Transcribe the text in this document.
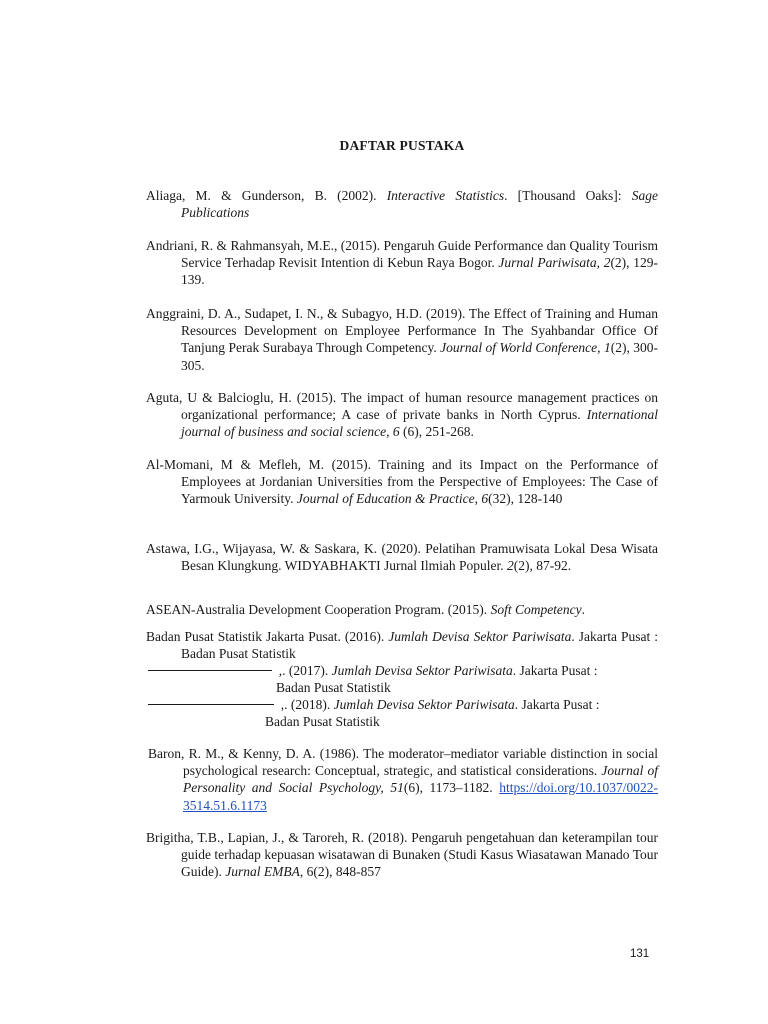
DAFTAR PUSTAKA
Aliaga, M. & Gunderson, B. (2002). Interactive Statistics. [Thousand Oaks]: Sage Publications
Andriani, R. & Rahmansyah, M.E., (2015). Pengaruh Guide Performance dan Quality Tourism Service Terhadap Revisit Intention di Kebun Raya Bogor. Jurnal Pariwisata, 2(2), 129-139.
Anggraini, D. A., Sudapet, I. N., & Subagyo, H.D. (2019). The Effect of Training and Human Resources Development on Employee Performance In The Syahbandar Office Of Tanjung Perak Surabaya Through Competency. Journal of World Conference, 1(2), 300-305.
Aguta, U & Balcioglu, H. (2015). The impact of human resource management practices on organizational performance; A case of private banks in North Cyprus. International journal of business and social science, 6 (6), 251-268.
Al-Momani, M & Mefleh, M. (2015). Training and its Impact on the Performance of Employees at Jordanian Universities from the Perspective of Employees: The Case of Yarmouk University. Journal of Education & Practice, 6(32), 128-140
Astawa, I.G., Wijayasa, W. & Saskara, K. (2020). Pelatihan Pramuwisata Lokal Desa Wisata Besan Klungkung. WIDYABHAKTI Jurnal Ilmiah Populer. 2(2), 87-92.
ASEAN-Australia Development Cooperation Program. (2015). Soft Competency.
Badan Pusat Statistik Jakarta Pusat. (2016). Jumlah Devisa Sektor Pariwisata. Jakarta Pusat : Badan Pusat Statistik
,. (2017). Jumlah Devisa Sektor Pariwisata. Jakarta Pusat :
Badan Pusat Statistik
,. (2018). Jumlah Devisa Sektor Pariwisata. Jakarta Pusat :
Badan Pusat Statistik
Baron, R. M., & Kenny, D. A. (1986). The moderator–mediator variable distinction in social psychological research: Conceptual, strategic, and statistical considerations. Journal of Personality and Social Psychology, 51(6), 1173–1182. https://doi.org/10.1037/0022-3514.51.6.1173
Brigitha, T.B., Lapian, J., & Taroreh, R. (2018). Pengaruh pengetahuan dan keterampilan tour guide terhadap kepuasan wisatawan di Bunaken (Studi Kasus Wiasatawan Manado Tour Guide). Jurnal EMBA, 6(2), 848-857
131
